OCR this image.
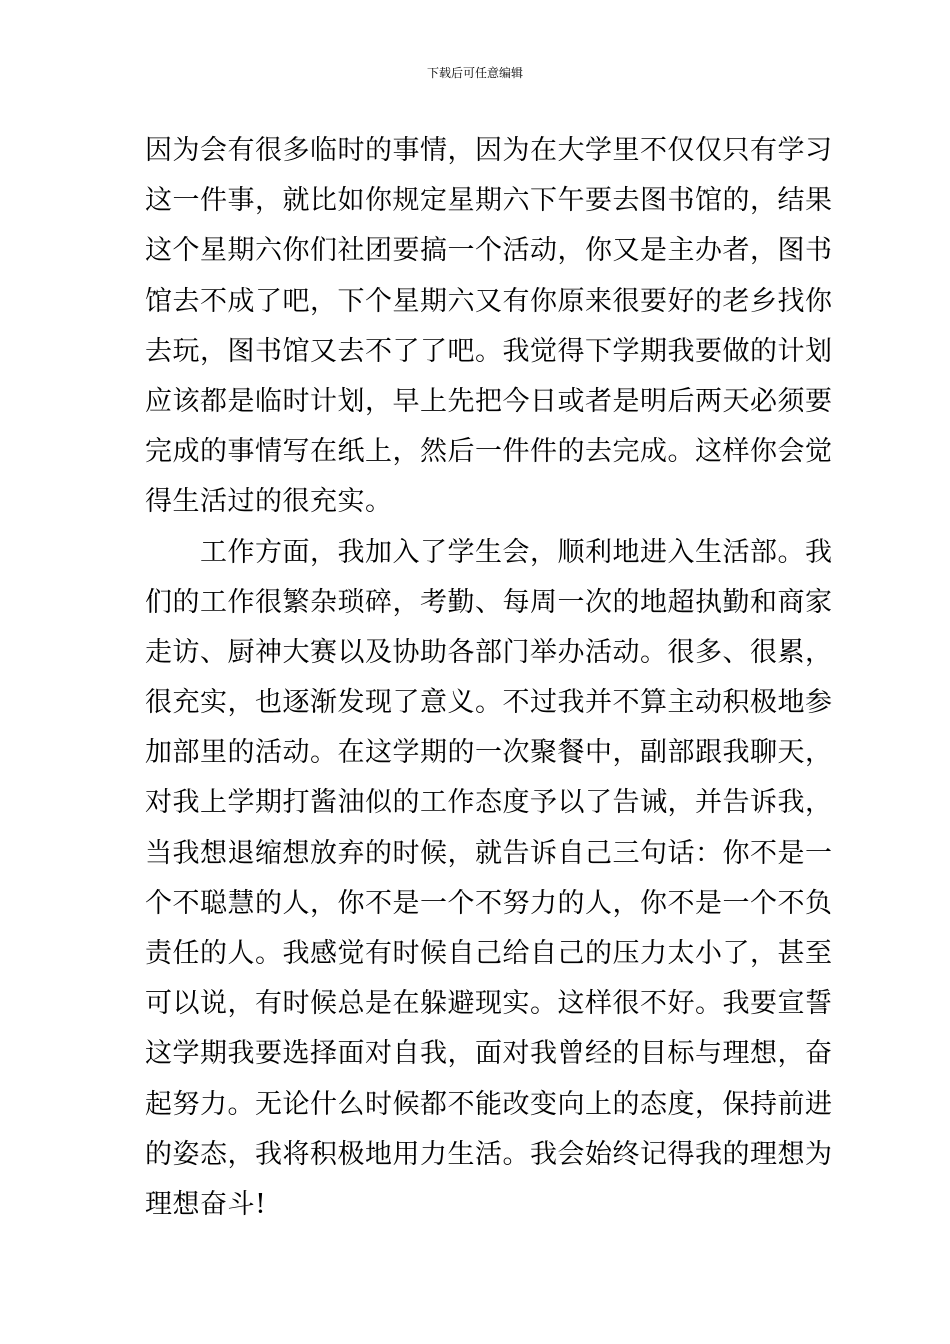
下载后可任意编辑
因为会有很多临时的事情，因为在大学里不仅仅只有学习
这一件事，就比如你规定星期六下午要去图书馆的，结果
这个星期六你们社团要搞一个活动，你又是主办者，图书
馆去不成了吧，下个星期六又有你原来很要好的老乡找你
去玩，图书馆又去不了了吧。我觉得下学期我要做的计划
应该都是临时计划，早上先把今日或者是明后两天必须要
完成的事情写在纸上，然后一件件的去完成。这样你会觉
得生活过的很充实。
　　工作方面，我加入了学生会，顺利地进入生活部。我
们的工作很繁杂琐碎，考勤、每周一次的地超执勤和商家
走访、厨神大赛以及协助各部门举办活动。很多、很累，
很充实，也逐渐发现了意义。不过我并不算主动积极地参
加部里的活动。在这学期的一次聚餐中，副部跟我聊天，
对我上学期打酱油似的工作态度予以了告诫，并告诉我，
当我想退缩想放弃的时候，就告诉自己三句话：你不是一
个不聪慧的人，你不是一个不努力的人，你不是一个不负
责任的人。我感觉有时候自己给自己的压力太小了，甚至
可以说，有时候总是在躲避现实。这样很不好。我要宣誓
这学期我要选择面对自我，面对我曾经的目标与理想，奋
起努力。无论什么时候都不能改变向上的态度，保持前进
的姿态，我将积极地用力生活。我会始终记得我的理想为
理想奋斗!
